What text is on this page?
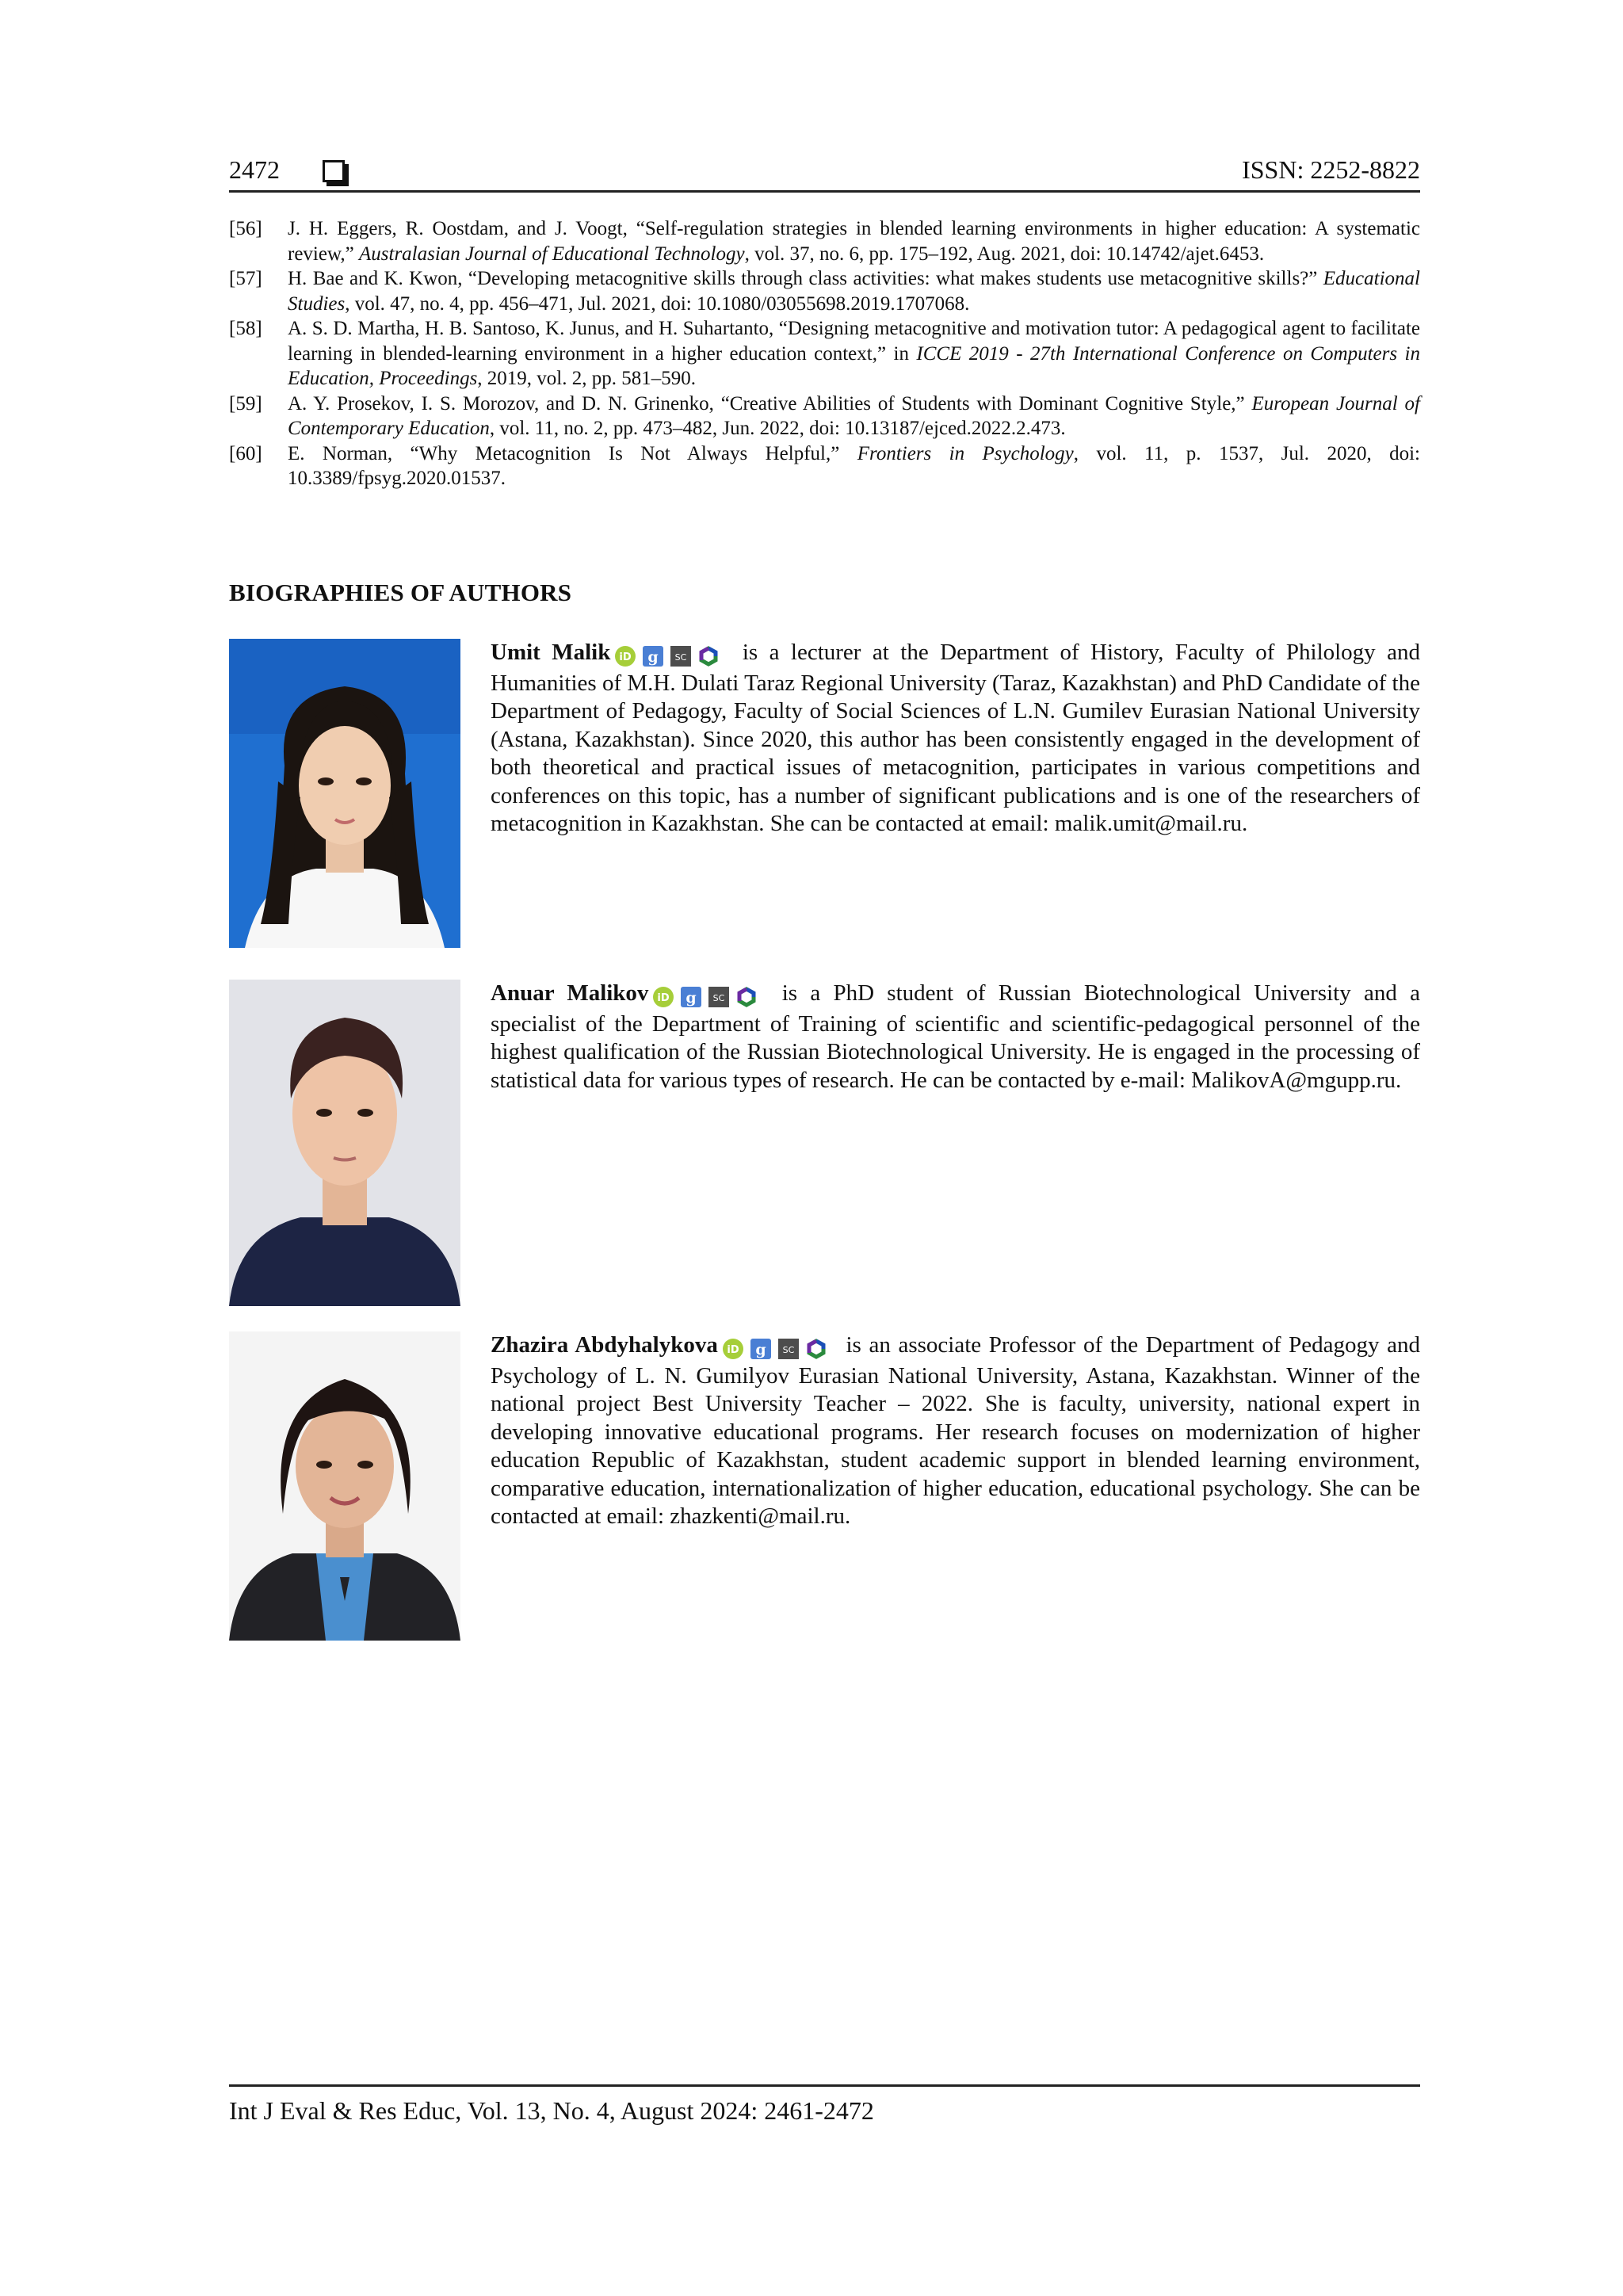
2472	ISSN: 2252-8822
[56] J. H. Eggers, R. Oostdam, and J. Voogt, “Self-regulation strategies in blended learning environments in higher education: A systematic review,” Australasian Journal of Educational Technology, vol. 37, no. 6, pp. 175–192, Aug. 2021, doi: 10.14742/ajet.6453.
[57] H. Bae and K. Kwon, “Developing metacognitive skills through class activities: what makes students use metacognitive skills?” Educational Studies, vol. 47, no. 4, pp. 456–471, Jul. 2021, doi: 10.1080/03055698.2019.1707068.
[58] A. S. D. Martha, H. B. Santoso, K. Junus, and H. Suhartanto, “Designing metacognitive and motivation tutor: A pedagogical agent to facilitate learning in blended-learning environment in a higher education context,” in ICCE 2019 - 27th International Conference on Computers in Education, Proceedings, 2019, vol. 2, pp. 581–590.
[59] A. Y. Prosekov, I. S. Morozov, and D. N. Grinenko, “Creative Abilities of Students with Dominant Cognitive Style,” European Journal of Contemporary Education, vol. 11, no. 2, pp. 473–482, Jun. 2022, doi: 10.13187/ejced.2022.2.473.
[60] E. Norman, “Why Metacognition Is Not Always Helpful,” Frontiers in Psychology, vol. 11, p. 1537, Jul. 2020, doi: 10.3389/fpsyg.2020.01537.
BIOGRAPHIES OF AUTHORS
Umit Malik iD g SC is a lecturer at the Department of History, Faculty of Philology and Humanities of M.H. Dulati Taraz Regional University (Taraz, Kazakhstan) and PhD Candidate of the Department of Pedagogy, Faculty of Social Sciences of L.N. Gumilev Eurasian National University (Astana, Kazakhstan). Since 2020, this author has been consistently engaged in the development of both theoretical and practical issues of metacognition, participates in various competitions and conferences on this topic, has a number of significant publications and is one of the researchers of metacognition in Kazakhstan. She can be contacted at email: malik.umit@mail.ru.
Anuar Malikov iD g SC is a PhD student of Russian Biotechnological University and a specialist of the Department of Training of scientific and scientific-pedagogical personnel of the highest qualification of the Russian Biotechnological University. He is engaged in the processing of statistical data for various types of research. He can be contacted by e-mail: MalikovA@mgupp.ru.
Zhazira Abdyhalykova iD g SC is an associate Professor of the Department of Pedagogy and Psychology of L. N. Gumilyov Eurasian National University, Astana, Kazakhstan. Winner of the national project Best University Teacher – 2022. She is faculty, university, national expert in developing innovative educational programs. Her research focuses on modernization of higher education Republic of Kazakhstan, student academic support in blended learning environment, comparative education, internationalization of higher education, educational psychology. She can be contacted at email: zhazkenti@mail.ru.
Int J Eval & Res Educ, Vol. 13, No. 4, August 2024: 2461-2472
